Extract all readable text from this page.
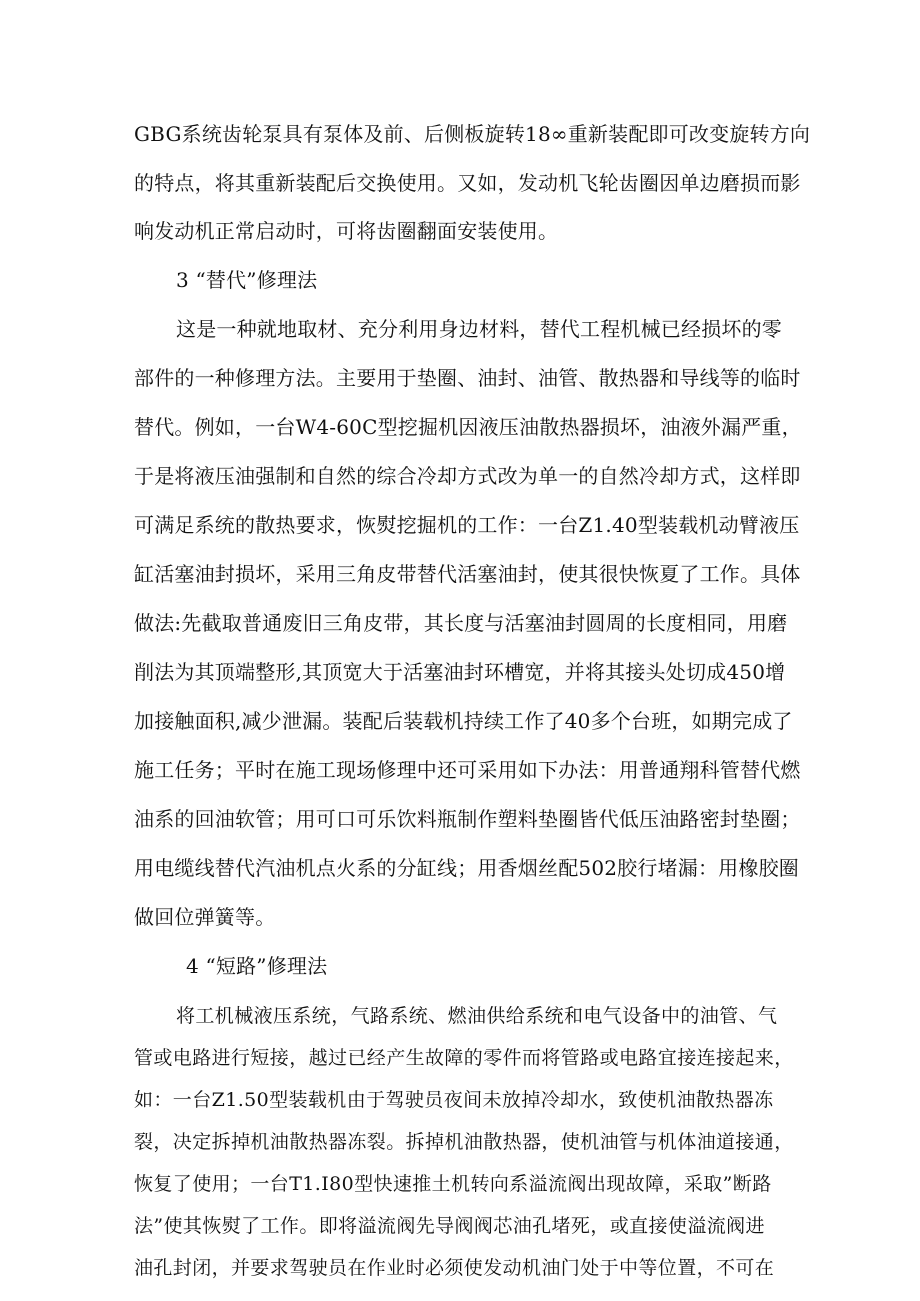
GBG系统齿轮泵具有泵体及前、后侧板旋转18∞重新装配即可改变旋转方向
的特点，将其重新装配后交换使用。又如，发动机飞轮齿圈因单边磨损而影
响发动机正常启动时，可将齿圈翻面安装使用。
3 “替代”修理法
这是一种就地取材、充分利用身边材料，替代工程机械已经损坏的零
部件的一种修理方法。主要用于垫圈、油封、油管、散热器和导线等的临时
替代。例如，一台W4-60C型挖掘机因液压油散热器损坏，油液外漏严重，
于是将液压油强制和自然的综合冷却方式改为单一的自然冷却方式，这样即
可满足系统的散热要求，恢熨挖掘机的工作：一台Z1.40型装载机动臂液压
缸活塞油封损坏，采用三角皮带替代活塞油封，使其很快恢夏了工作。具体
做法:先截取普通废旧三角皮带，其长度与活塞油封圆周的长度相同，用磨
削法为其顶端整形,其顶宽大于活塞油封环槽宽，并将其接头处切成450增
加接触面积,减少泄漏。装配后装载机持续工作了40多个台班，如期完成了
施工任务；平时在施工现场修理中还可采用如下办法：用普通翔科管替代燃
油系的回油软管；用可口可乐饮料瓶制作塑料垫圈皆代低压油路密封垫圈；
用电缆线替代汽油机点火系的分缸线；用香烟丝配502胶行堵漏：用橡胶圈
做回位弹簧等。
4 “短路”修理法
将工机械液压系统，气路系统、燃油供给系统和电气设备中的油管、气
管或电路进行短接，越过已经产生故障的零件而将管路或电路宜接连接起来，
如：一台Z1.50型装载机由于驾驶员夜间未放掉冷却水，致使机油散热器冻
裂，决定拆掉机油散热器冻裂。拆掉机油散热器，使机油管与机体油道接通，
恢复了使用；一台T1.I80型快速推土机转向系溢流阀出现故障，采取”断路
法”使其恢熨了工作。即将溢流阀先导阀阀芯油孔堵死，或直接使溢流阀进
油孔封闭，并要求驾驶员在作业时必须使发动机油门处于中等位置，不可在
